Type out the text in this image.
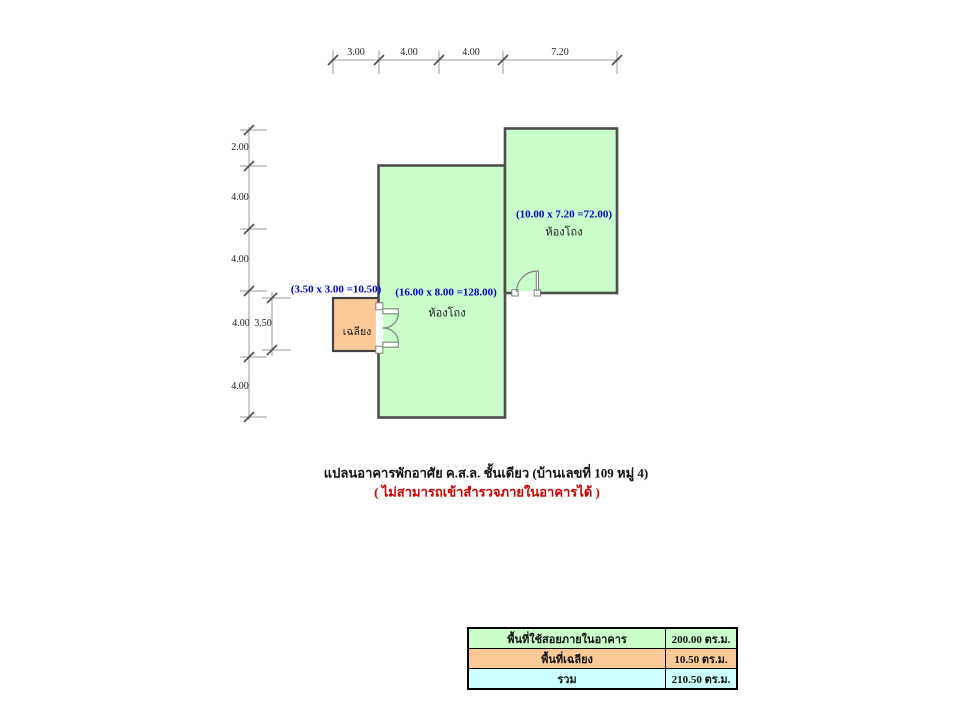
3.00	4.00	4.00	7.20
2.00
4.00
4.00
4.00
4.00
3.50
(3.50 x 3.00 =10.50) (16.00 x 8.00 =128.00)
ห้องโถง
(10.00 x 7.20 =72.00)
ห้องโถง
เฉลียง
แปลนอาคารพักอาศัย ค.ส.ล. ชั้นเดียว (บ้านเลขที่ 109 หมู่ 4)
( ไม่สามารถเข้าสำรวจภายในอาคารได้ )
พื้นที่ใช้สอยภายในอาคาร	200.00 ตร.ม.
พื้นที่เฉลียง	10.50 ตร.ม.
รวม	210.50 ตร.ม.
